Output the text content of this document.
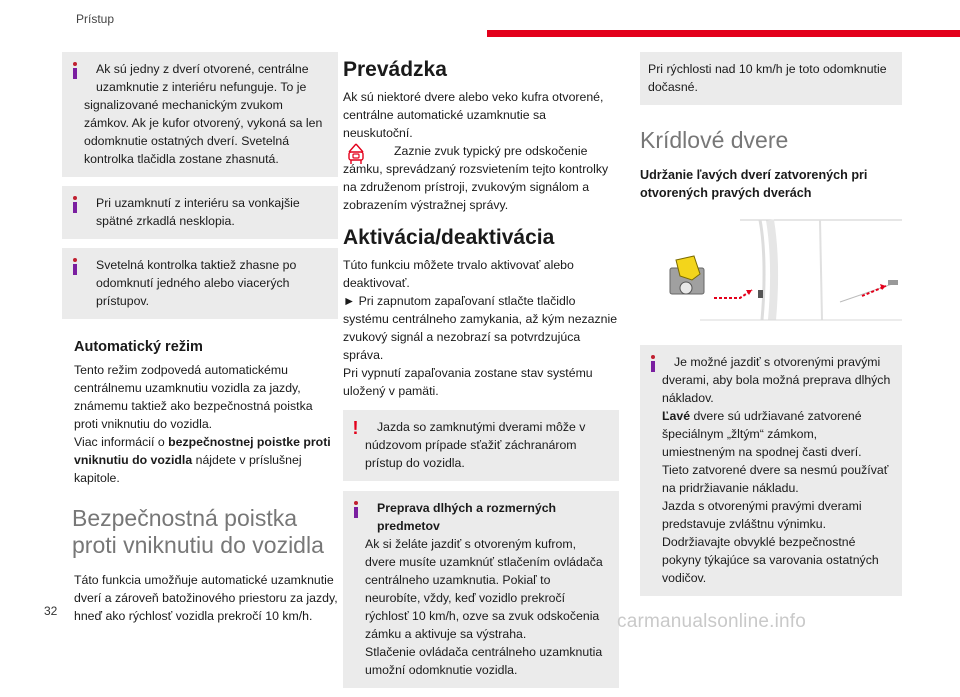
Prístup

Ak sú jedny z dverí otvorené, centrálne
uzamknutie z interiéru nefunguje. To je signalizované mechanickým zvukom zámkov. Ak je kufor otvorený, vykoná sa len odomknutie ostatných dverí. Svetelná kontrolka tlačidla zostane zhasnutá.

Pri uzamknutí z interiéru sa vonkajšie spätné zrkadlá nesklopia.

Svetelná kontrolka taktiež zhasne po odomknutí jedného alebo viacerých prístupov.

Automatický režim

Tento režim zodpovedá automatickému centrálnemu uzamknutiu vozidla za jazdy, známemu taktiež ako bezpečnostná poistka proti vniknutiu do vozidla.

Viac informácií o bezpečnostnej poistke proti vniknutiu do vozidla nájdete v príslušnej kapitole.

Bezpečnostná poistka proti vniknutiu do vozidla

Táto funkcia umožňuje automatické uzamknutie dverí a zároveň batožinového priestoru za jazdy, hneď ako rýchlosť vozidla prekročí 10 km/h.

Prevádzka

Ak sú niektoré dvere alebo veko kufra otvorené, centrálne automatické uzamknutie sa neuskutoční.

Zaznie zvuk typický pre odskočenie zámku, sprevádzaný rozsvietením tejto kontrolky na združenom prístroji, zvukovým signálom a zobrazením výstražnej správy.

Aktivácia/deaktivácia

Túto funkciu môžete trvalo aktivovať alebo deaktivovať.

► Pri zapnutom zapaľovaní stlačte tlačidlo systému centrálneho zamykania, až kým nezaznie zvukový signál a nezobrazí sa potvrdzujúca správa.

Pri vypnutí zapaľovania zostane stav systému uložený v pamäti.

!	Jazda so zamknutými dverami môže v núdzovom prípade sťažiť záchranárom prístup do vozidla.

Preprava dlhých a rozmerných predmetov

Ak si želáte jazdiť s otvoreným kufrom, dvere musíte uzamknúť stlačením ovládača centrálneho uzamknutia. Pokiaľ to neurobíte, vždy, keď vozidlo prekročí rýchlosť 10 km/h, ozve sa zvuk odskočenia zámku a aktivuje sa výstraha.

Stlačenie ovládača centrálneho uzamknutia umožní odomknutie vozidla.

Pri rýchlosti nad 10 km/h je toto odomknutie dočasné.

Krídlové dvere

Udržanie ľavých dverí zatvorených pri otvorených pravých dverách

Je možné jazdiť s otvorenými pravými dverami, aby bola možná preprava dlhých nákladov.

Ľavé dvere sú udržiavané zatvorené špeciálnym „žltým“ zámkom, umiestneným na spodnej časti dverí.

Tieto zatvorené dvere sa nesmú používať na pridržiavanie nákladu.

Jazda s otvorenými pravými dverami predstavuje zvláštnu výnimku. Dodržiavajte obvyklé bezpečnostné pokyny týkajúce sa varovania ostatných vodičov.

32	carmanualsonline.info
